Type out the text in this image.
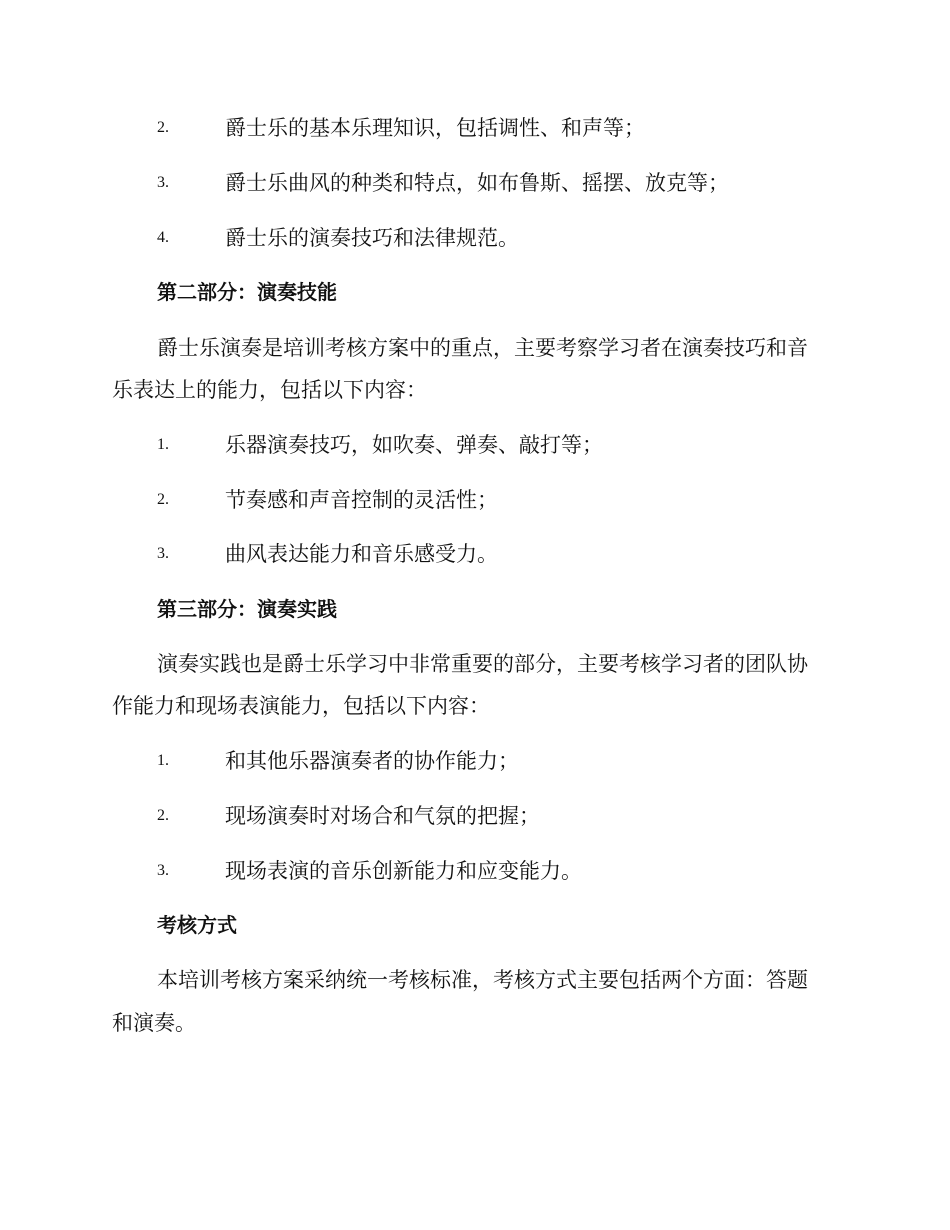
2.	爵士乐的基本乐理知识，包括调性、和声等；
3.	爵士乐曲风的种类和特点，如布鲁斯、摇摆、放克等；
4.	爵士乐的演奏技巧和法律规范。
第二部分：演奏技能
爵士乐演奏是培训考核方案中的重点，主要考察学习者在演奏技巧和音
乐表达上的能力，包括以下内容：
1.	乐器演奏技巧，如吹奏、弹奏、敲打等；
2.	节奏感和声音控制的灵活性；
3.	曲风表达能力和音乐感受力。
第三部分：演奏实践
演奏实践也是爵士乐学习中非常重要的部分，主要考核学习者的团队协
作能力和现场表演能力，包括以下内容：
1.	和其他乐器演奏者的协作能力；
2.	现场演奏时对场合和气氛的把握；
3.	现场表演的音乐创新能力和应变能力。
考核方式
本培训考核方案采纳统一考核标准，考核方式主要包括两个方面：答题
和演奏。
